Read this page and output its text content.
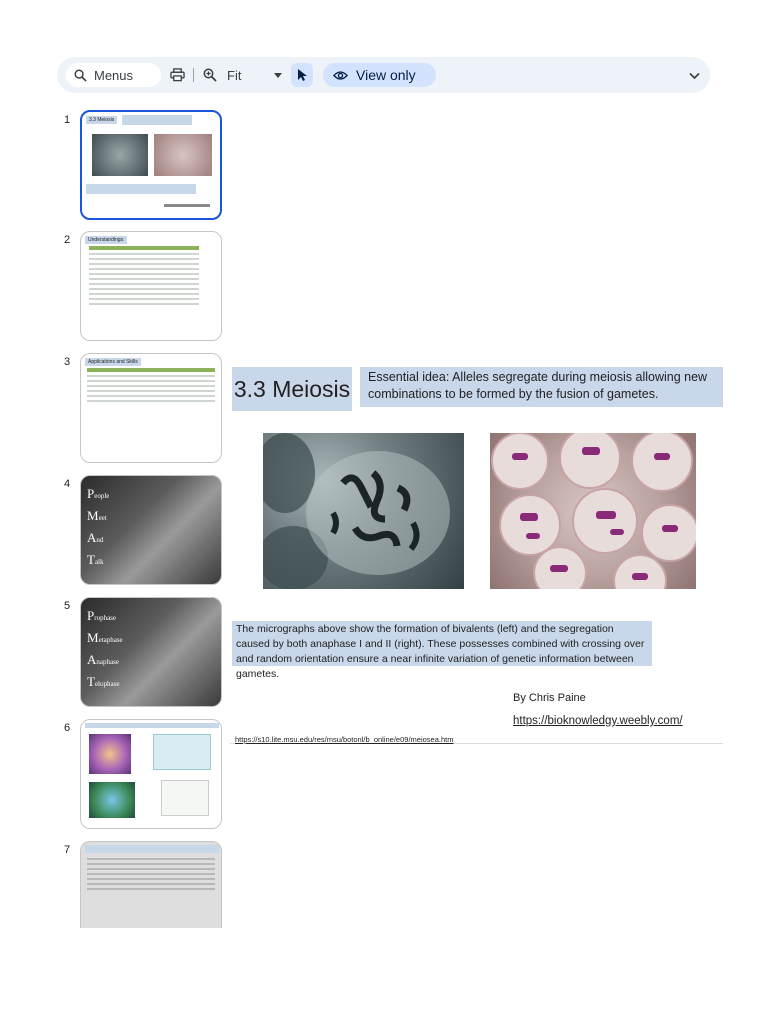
Menus	Fit	View only
1	3.3 Meiosis
2	Understandings:
3	Applications and Skills
4
People
Meet
And
Talk
5
Prophase
Metaphase
Anaphase
Telophase
6
7
3.3 Meiosis	Essential idea: Alleles segregate during meiosis allowing new combinations to be formed by the fusion of gametes.
The micrographs above show the formation of bivalents (left) and the segregation caused by both anaphase I and II (right). These possesses combined with crossing over and random orientation ensure a near infinite variation of genetic information between gametes.
By Chris Paine
https://bioknowledgy.weebly.com/
https://s10.lite.msu.edu/res/msu/botonl/b_online/e09/meiosea.htm
